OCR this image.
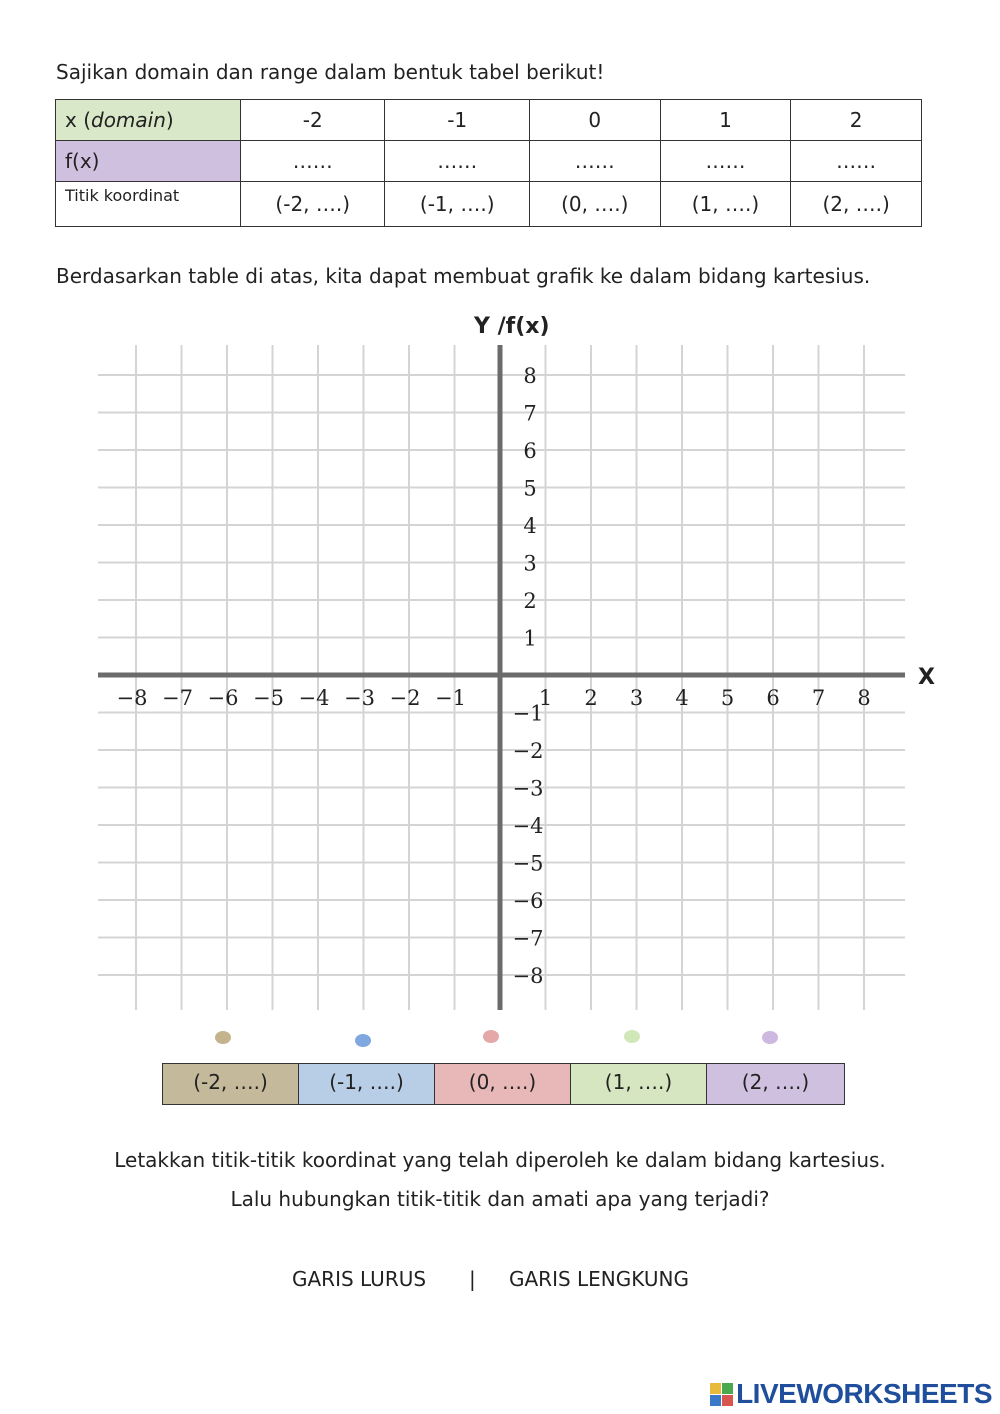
Sajikan domain dan range dalam bentuk tabel berikut!
x (domain)	-2	-1	0	1	2
f(x)	……	……	……	……	……
Titik koordinat	(-2, ….)	(-1, ….)	(0, ….)	(1, ….)	(2, ….)
Berdasarkan table di atas, kita dapat membuat grafik ke dalam bidang kartesius.
−8 −7 −6 −5 −4 −3 −2 −1	1 2 3 4 5 6 7 8
8
7
6
5
4
3
2
1
−1
−2
−3
−4
−5
−6
−7
−8
Y /f(x)
X
(-2, ….)	(-1, ….)	(0, ….)	(1, ….)	(2, ….)
Letakkan titik-titik koordinat yang telah diperoleh ke dalam bidang kartesius.
Lalu hubungkan titik-titik dan amati apa yang terjadi?
GARIS LURUS | GARIS LENGKUNG
LIVEWORKSHEETS
